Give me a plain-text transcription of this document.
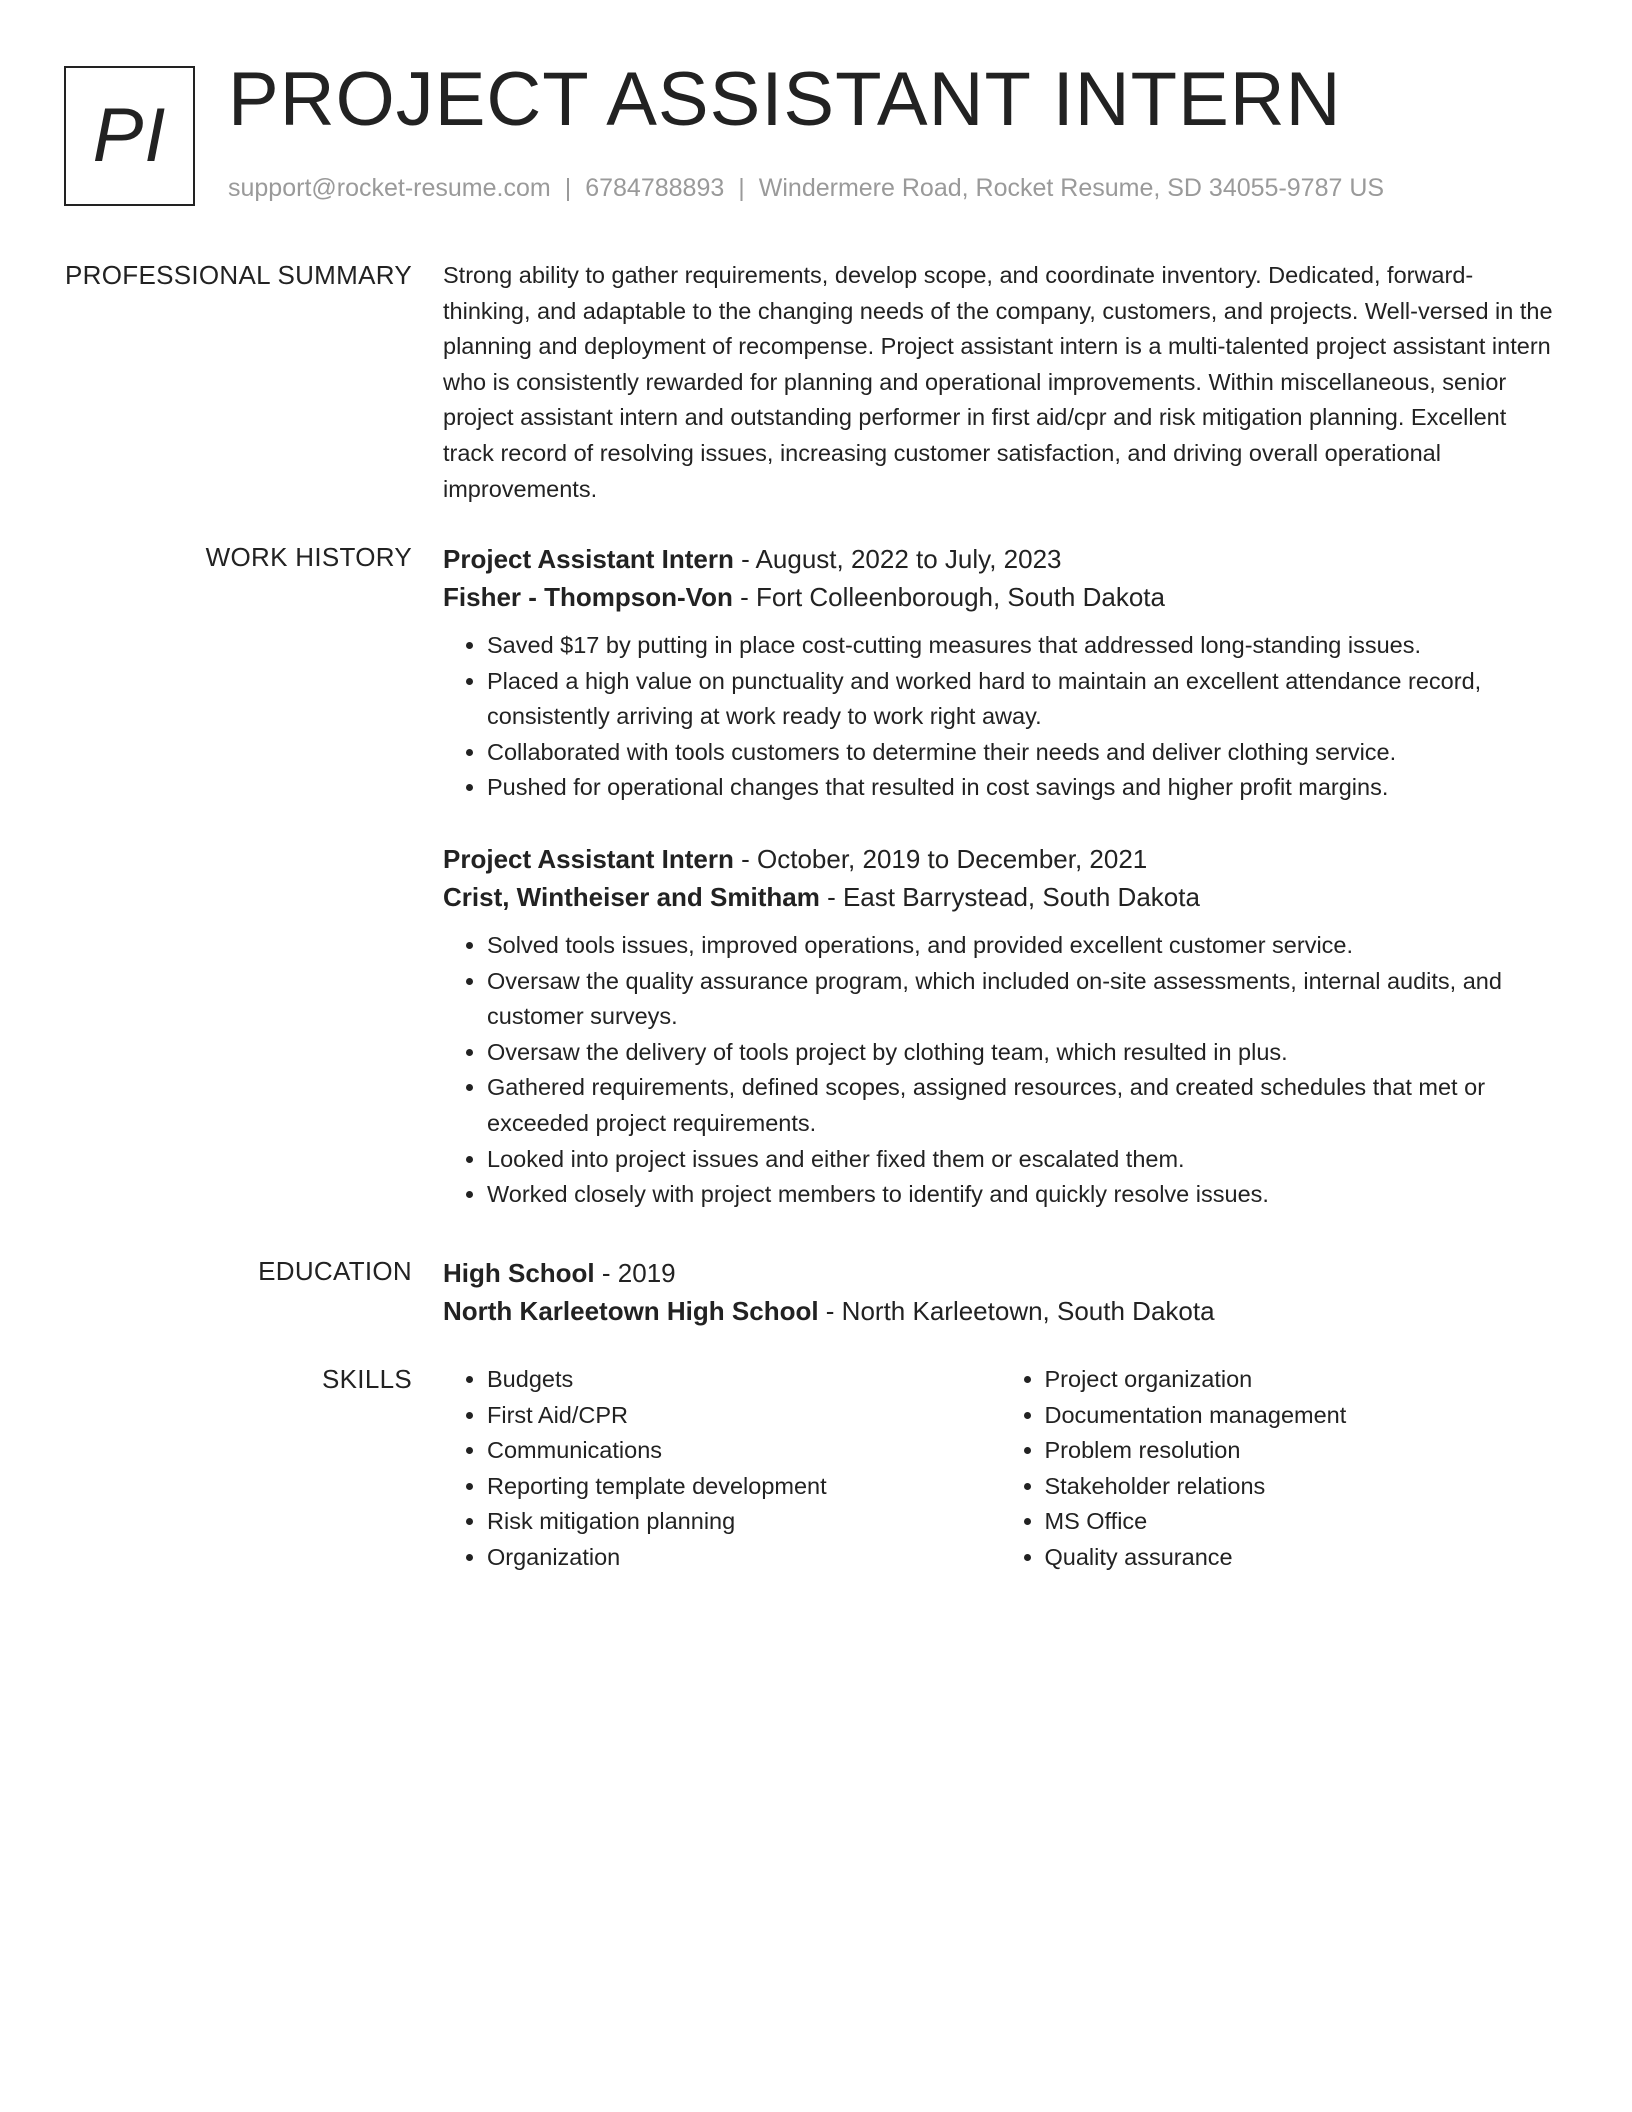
PI PROJECT ASSISTANT INTERN
support@rocket-resume.com | 6784788893 | Windermere Road, Rocket Resume, SD 34055-9787 US
PROFESSIONAL SUMMARY Strong ability to gather requirements, develop scope, and coordinate inventory. Dedicated, forward-thinking, and adaptable to the changing needs of the company, customers, and projects. Well-versed in the planning and deployment of recompense. Project assistant intern is a multi-talented project assistant intern who is consistently rewarded for planning and operational improvements. Within miscellaneous, senior project assistant intern and outstanding performer in first aid/cpr and risk mitigation planning. Excellent track record of resolving issues, increasing customer satisfaction, and driving overall operational improvements.

WORK HISTORY Project Assistant Intern - August, 2022 to July, 2023

Fisher - Thompson-Von - Fort Colleenborough, South Dakota

• Saved $17 by putting in place cost-cutting measures that addressed long-standing issues.
• Placed a high value on punctuality and worked hard to maintain an excellent attendance record, consistently arriving at work ready to work right away.
• Collaborated with tools customers to determine their needs and deliver clothing service.
• Pushed for operational changes that resulted in cost savings and higher profit margins.

Project Assistant Intern - October, 2019 to December, 2021

Crist, Wintheiser and Smitham - East Barrystead, South Dakota

• Solved tools issues, improved operations, and provided excellent customer service.
• Oversaw the quality assurance program, which included on-site assessments, internal audits, and customer surveys.
• Oversaw the delivery of tools project by clothing team, which resulted in plus.
• Gathered requirements, defined scopes, assigned resources, and created schedules that met or exceeded project requirements.
• Looked into project issues and either fixed them or escalated them.
• Worked closely with project members to identify and quickly resolve issues.
EDUCATION High School - 2019

North Karleetown High School - North Karleetown, South Dakota

SKILLS
•	Budgets
• First Aid/CPR
• Communications
• Reporting template development
• Risk mitigation planning
• Organization
• Project organization
• Documentation management
• Problem resolution
• Stakeholder relations
• MS Office
• Quality assurance
